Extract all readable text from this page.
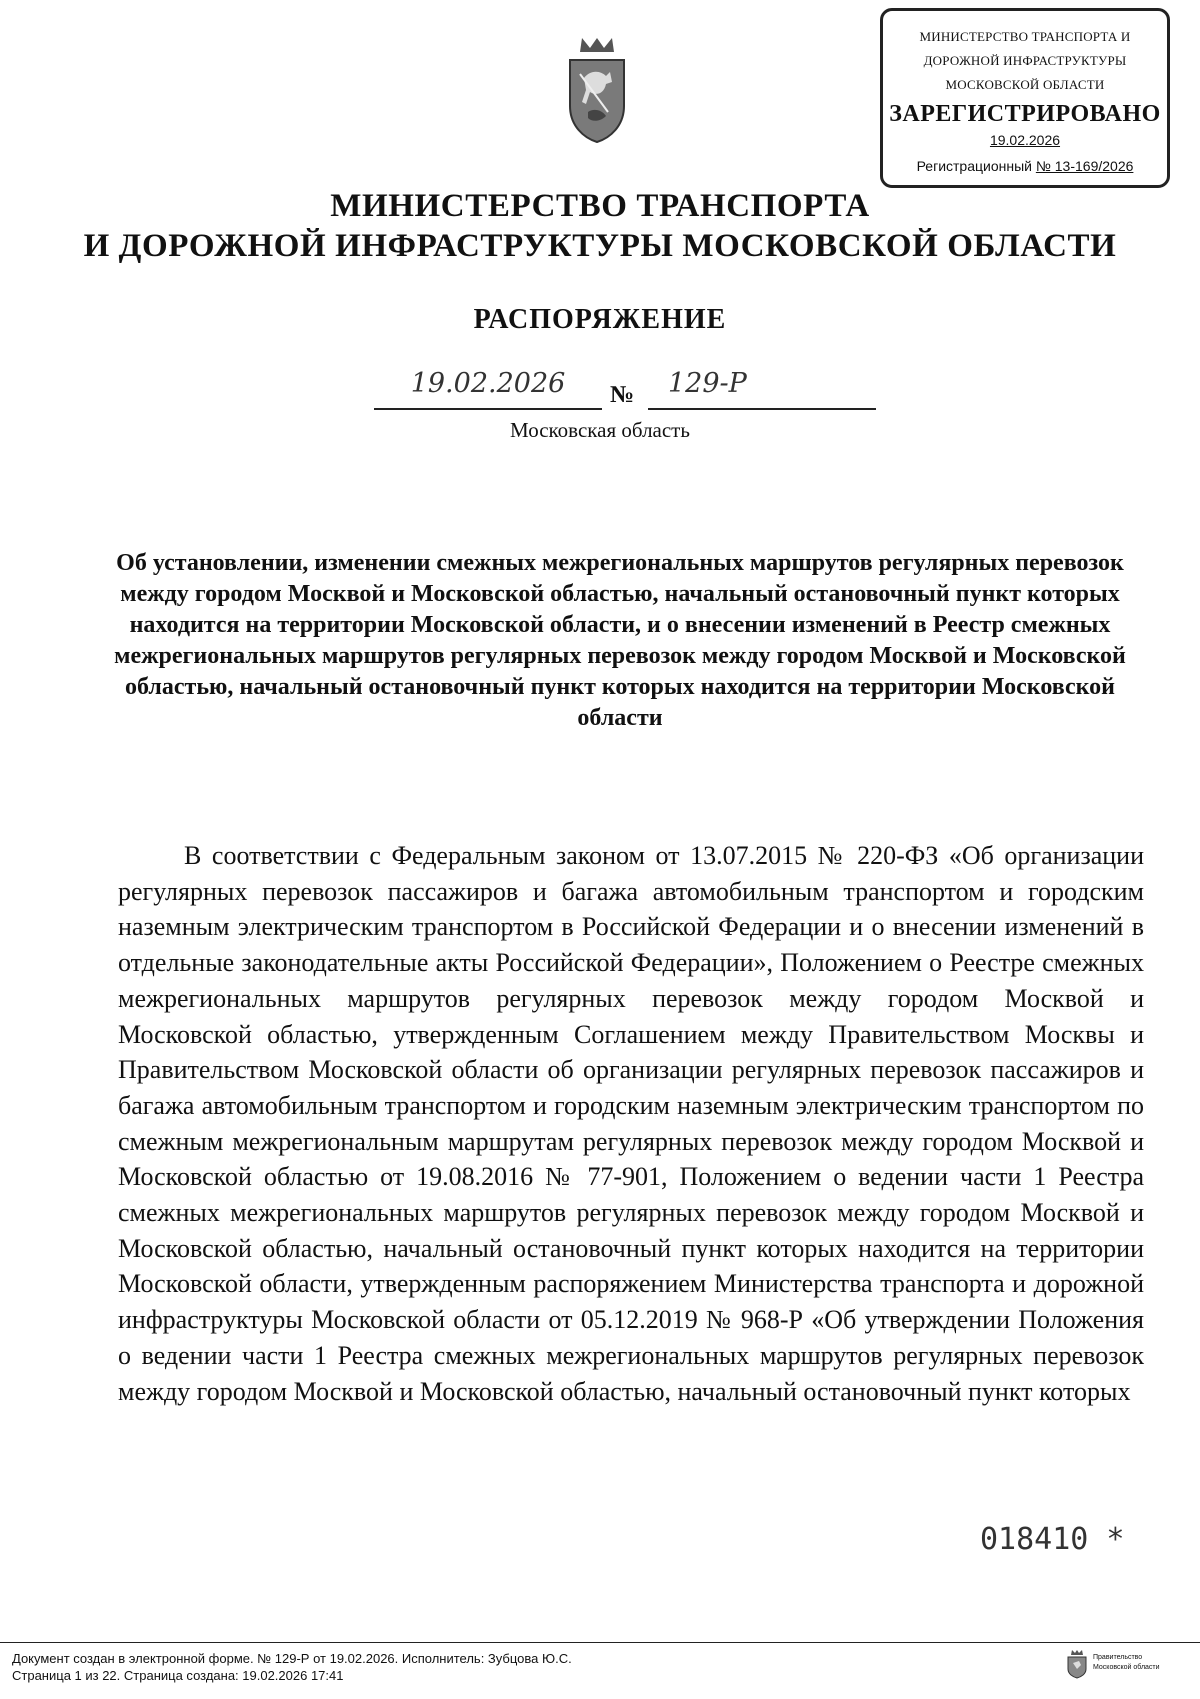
МИНИСТЕРСТВО ТРАНСПОРТА И
ДОРОЖНОЙ ИНФРАСТРУКТУРЫ
МОСКОВСКОЙ ОБЛАСТИ
ЗАРЕГИСТРИРОВАНО
19.02.2026
Регистрационный № 13-169/2026
МИНИСТЕРСТВО ТРАНСПОРТА
И ДОРОЖНОЙ ИНФРАСТРУКТУРЫ МОСКОВСКОЙ ОБЛАСТИ
РАСПОРЯЖЕНИЕ
19.02.2026	№	129-Р
Московская область
Об установлении, изменении смежных межрегиональных маршрутов регулярных перевозок между городом Москвой и Московской областью, начальный остановочный пункт которых находится на территории Московской области, и о внесении изменений в Реестр смежных межрегиональных маршрутов регулярных перевозок между городом Москвой и Московской областью, начальный остановочный пункт которых находится на территории Московской области
В соответствии с Федеральным законом от 13.07.2015 № 220-ФЗ «Об организации регулярных перевозок пассажиров и багажа автомобильным транспортом и городским наземным электрическим транспортом в Российской Федерации и о внесении изменений в отдельные законодательные акты Российской Федерации», Положением о Реестре смежных межрегиональных маршрутов регулярных перевозок между городом Москвой и Московской областью, утвержденным Соглашением между Правительством Москвы и Правительством Московской области об организации регулярных перевозок пассажиров и багажа автомобильным транспортом и городским наземным электрическим транспортом по смежным межрегиональным маршрутам регулярных перевозок между городом Москвой и Московской областью от 19.08.2016 № 77-901, Положением о ведении части 1 Реестра смежных межрегиональных маршрутов регулярных перевозок между городом Москвой и Московской областью, начальный остановочный пункт которых находится на территории Московской области, утвержденным распоряжением Министерства транспорта и дорожной инфраструктуры Московской области от 05.12.2019 № 968-Р «Об утверждении Положения о ведении части 1 Реестра смежных межрегиональных маршрутов регулярных перевозок между городом Москвой и Московской областью, начальный остановочный пункт которых
018410 *
Документ создан в электронной форме. № 129-Р от 19.02.2026. Исполнитель: Зубцова Ю.С.
Страница 1 из 22. Страница создана: 19.02.2026 17:41
Правительство
Московской области
